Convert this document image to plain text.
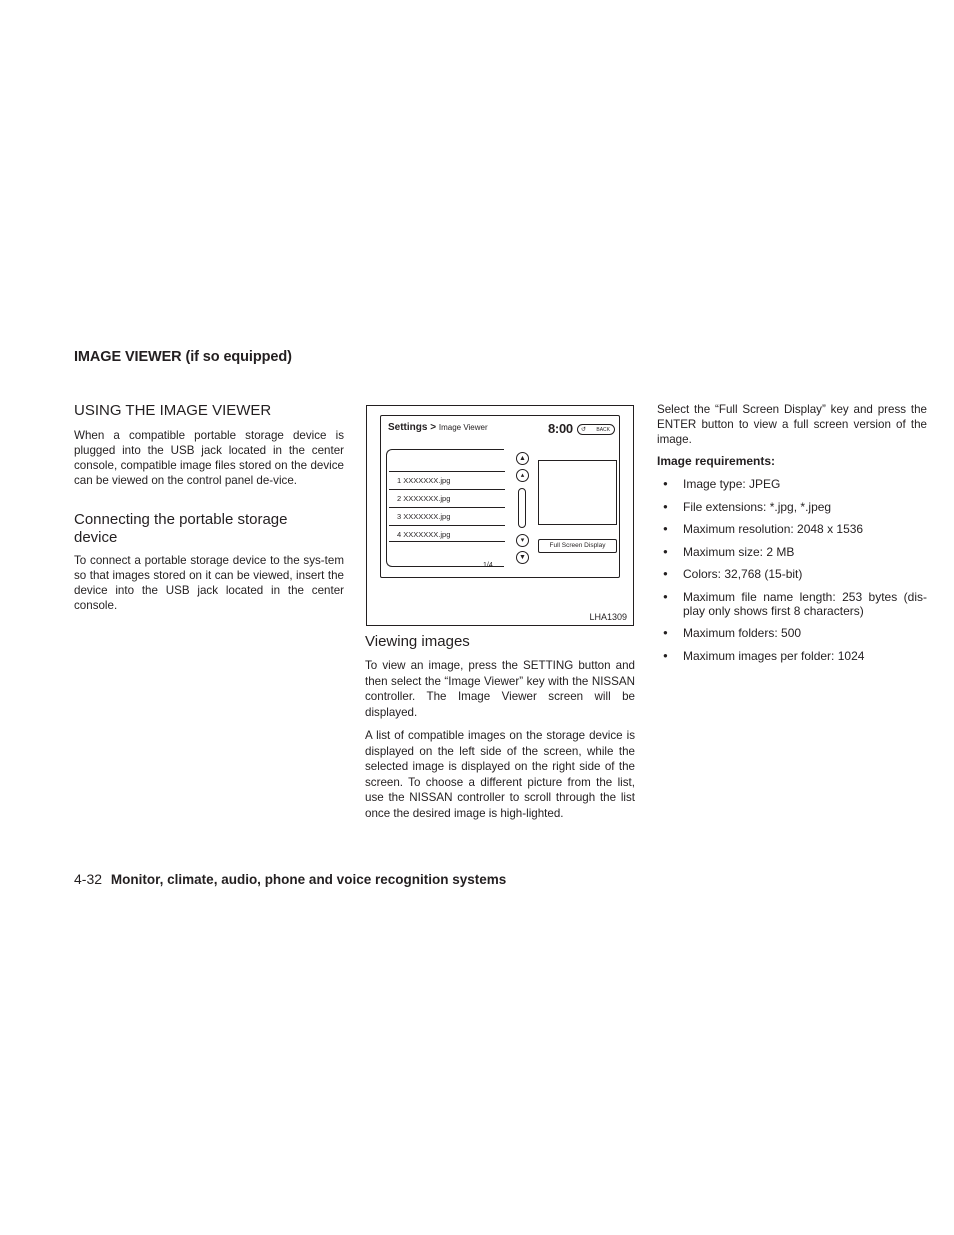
IMAGE VIEWER (if so equipped)
USING THE IMAGE VIEWER
When a compatible portable storage device is plugged into the USB jack located in the center console, compatible image files stored on the device can be viewed on the control panel de-vice.
Connecting the portable storage device
To connect a portable storage device to the sys-tem so that images stored on it can be viewed, insert the device into the USB jack located in the center console.
Settings > Image Viewer	8:00 ↺ BACK
1 XXXXXXX.jpg
2 XXXXXXX.jpg
3 XXXXXXX.jpg
4 XXXXXXX.jpg
1/4
▲
▴
▾
▼
Full Screen Display
LHA1309
Viewing images
To view an image, press the SETTING button and then select the “Image Viewer” key with the NISSAN controller. The Image Viewer screen will be displayed.
A list of compatible images on the storage device is displayed on the left side of the screen, while the selected image is displayed on the right side of the screen. To choose a different picture from the list, use the NISSAN controller to scroll through the list once the desired image is high-lighted.
Select the “Full Screen Display” key and press the ENTER button to view a full screen version of the image.
Image requirements:
● Image type: JPEG
● File extensions: *.jpg, *.jpeg
● Maximum resolution: 2048 x 1536
● Maximum size: 2 MB
● Colors: 32,768 (15-bit)
● Maximum file name length: 253 bytes (dis-play only shows first 8 characters)
● Maximum folders: 500
● Maximum images per folder: 1024
4-32 Monitor, climate, audio, phone and voice recognition systems
